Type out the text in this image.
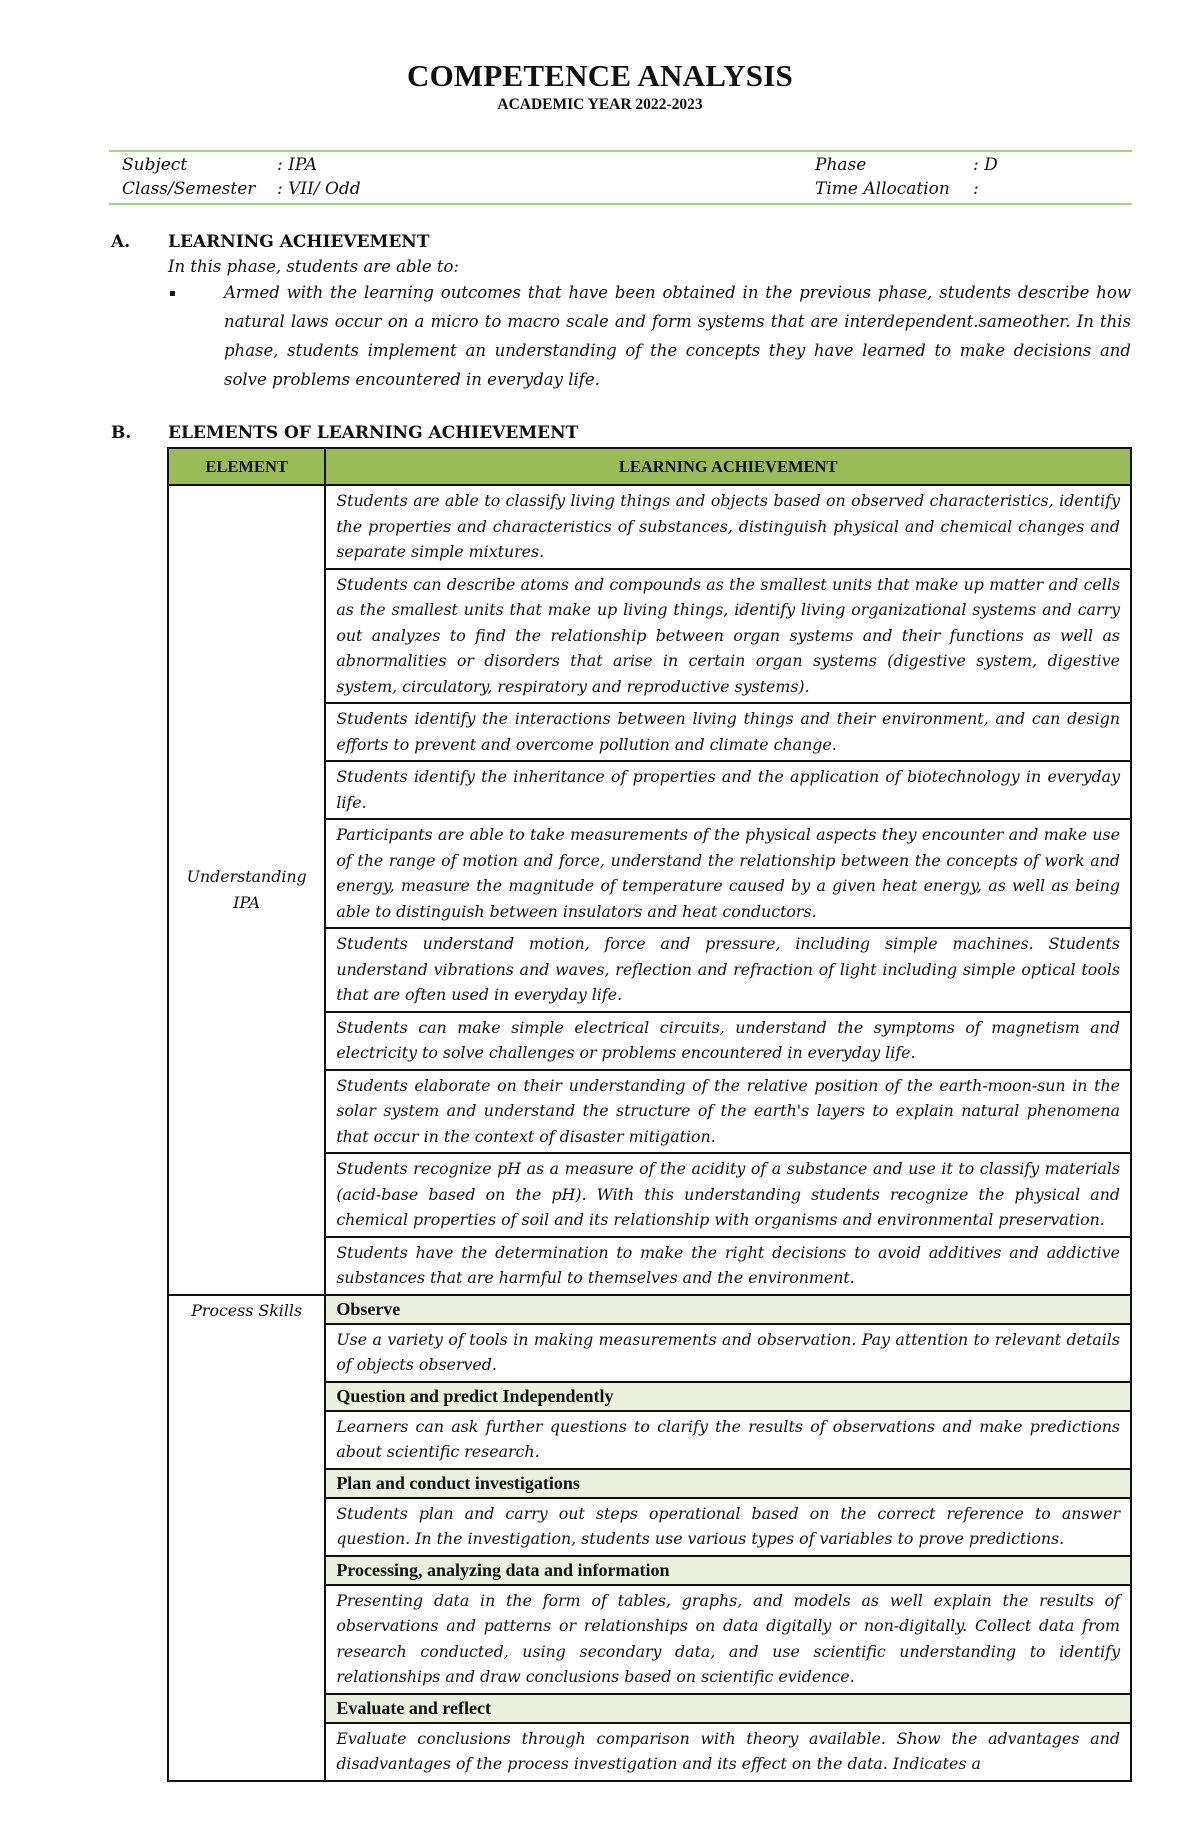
COMPETENCE ANALYSIS
ACADEMIC YEAR 2022-2023
Subject	: IPA
Class/Semester : VII/ Odd
Phase	: D
Time Allocation :
A. LEARNING ACHIEVEMENT
In this phase, students are able to:
▪	Armed with the learning outcomes that have been obtained in the previous phase, students describe how natural laws occur on a micro to macro scale and form systems that are interdependent.sameother. In this phase, students implement an understanding of the concepts they have learned to make decisions and solve problems encountered in everyday life.
B. ELEMENTS OF LEARNING ACHIEVEMENT
ELEMENT	LEARNING ACHIEVEMENT
Understanding IPA	Students are able to classify living things and objects based on observed characteristics, identify the properties and characteristics of substances, distinguish physical and chemical changes and separate simple mixtures.
	Students can describe atoms and compounds as the smallest units that make up matter and cells as the smallest units that make up living things, identify living organizational systems and carry out analyzes to find the relationship between organ systems and their functions as well as abnormalities or disorders that arise in certain organ systems (digestive system, digestive system, circulatory, respiratory and reproductive systems).
	Students identify the interactions between living things and their environment, and can design efforts to prevent and overcome pollution and climate change.
	Students identify the inheritance of properties and the application of biotechnology in everyday life.
	Participants are able to take measurements of the physical aspects they encounter and make use of the range of motion and force, understand the relationship between the concepts of work and energy, measure the magnitude of temperature caused by a given heat energy, as well as being able to distinguish between insulators and heat conductors.
	Students understand motion, force and pressure, including simple machines. Students understand vibrations and waves, reflection and refraction of light including simple optical tools that are often used in everyday life.
	Students can make simple electrical circuits, understand the symptoms of magnetism and electricity to solve challenges or problems encountered in everyday life.
	Students elaborate on their understanding of the relative position of the earth-moon-sun in the solar system and understand the structure of the earth's layers to explain natural phenomena that occur in the context of disaster mitigation.
	Students recognize pH as a measure of the acidity of a substance and use it to classify materials (acid-base based on the pH). With this understanding students recognize the physical and chemical properties of soil and its relationship with organisms and environmental preservation.
	Students have the determination to make the right decisions to avoid additives and addictive substances that are harmful to themselves and the environment.
Process Skills	Observe
	Use a variety of tools in making measurements and observation. Pay attention to relevant details of objects observed.
	Question and predict Independently
	Learners can ask further questions to clarify the results of observations and make predictions about scientific research.
	Plan and conduct investigations
	Students plan and carry out steps operational based on the correct reference to answer question. In the investigation, students use various types of variables to prove predictions.
	Processing, analyzing data and information
	Presenting data in the form of tables, graphs, and models as well explain the results of observations and patterns or relationships on data digitally or non-digitally. Collect data from research conducted, using secondary data, and use scientific understanding to identify relationships and draw conclusions based on scientific evidence.
	Evaluate and reflect
	Evaluate conclusions through comparison with theory available. Show the advantages and disadvantages of the process investigation and its effect on the data. Indicates a
